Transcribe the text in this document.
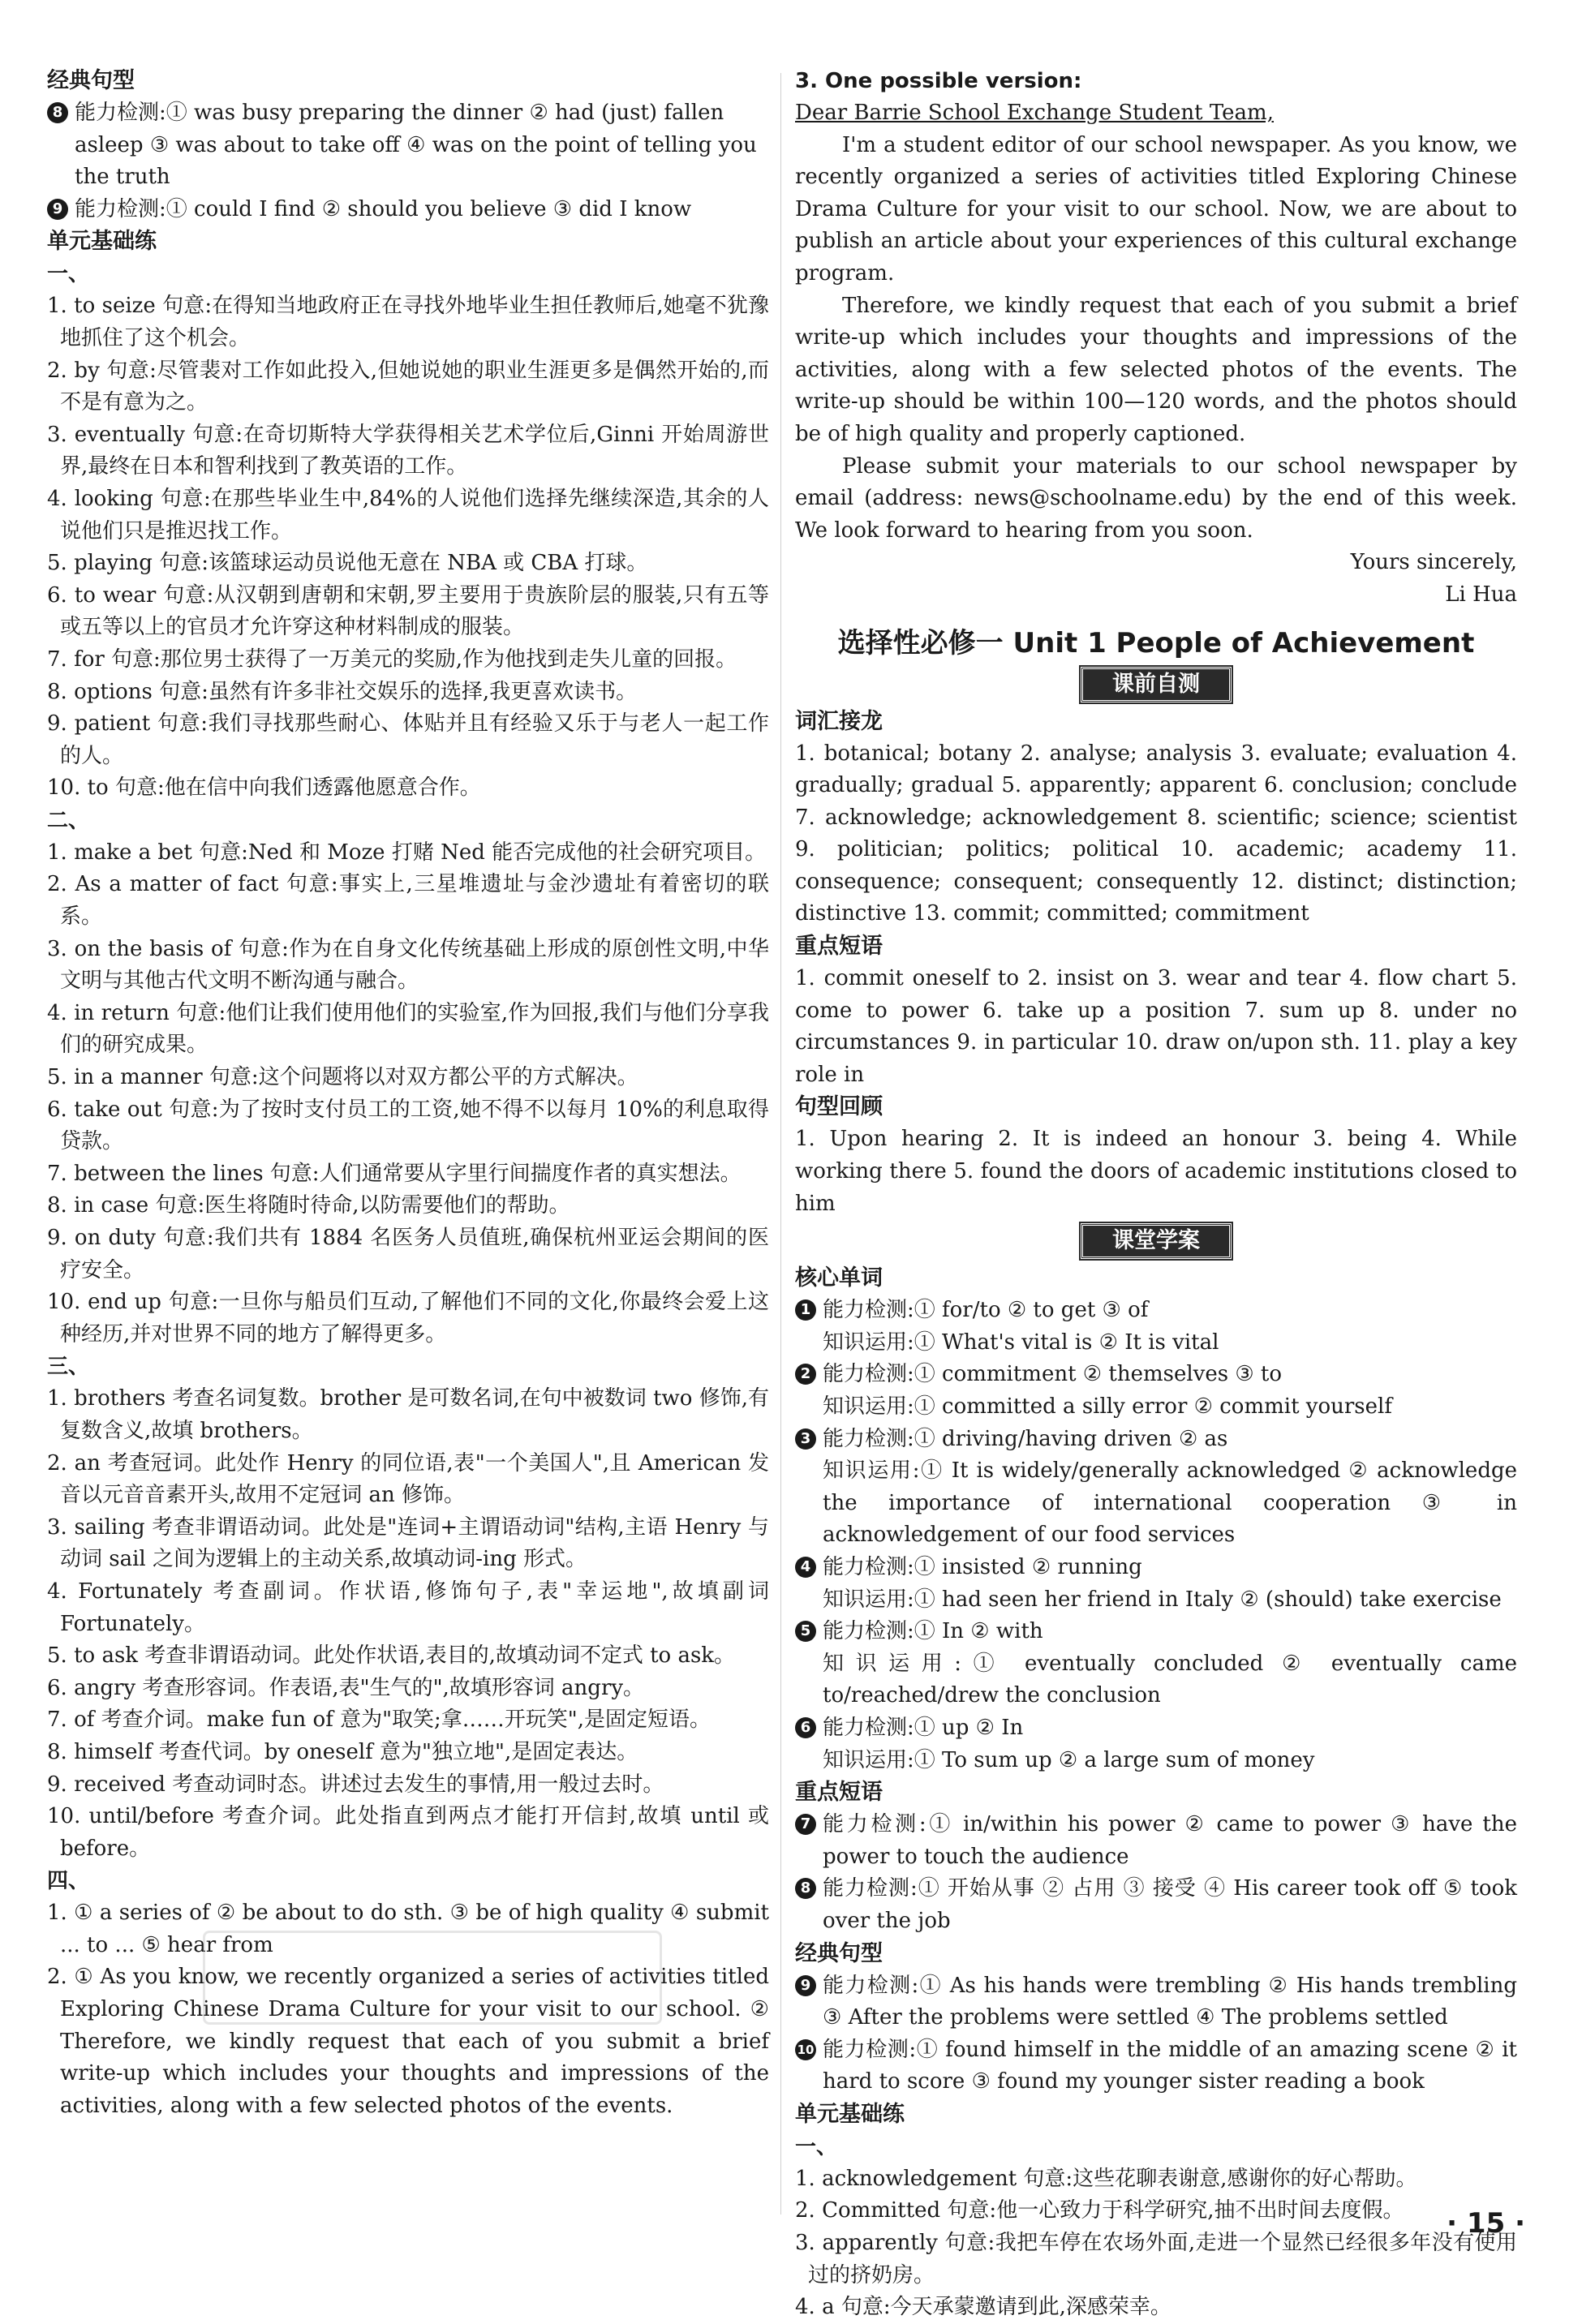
经典句型
8 能力检测:① was busy preparing the dinner ② had (just) fallen asleep ③ was about to take off ④ was on the point of telling you the truth
9 能力检测:① could I find ② should you believe ③ did I know
单元基础练
一、
1. to seize 句意:在得知当地政府正在寻找外地毕业生担任教师后,她毫不犹豫地抓住了这个机会。
2. by 句意:尽管裴对工作如此投入,但她说她的职业生涯更多是偶然开始的,而不是有意为之。
3. eventually 句意:在奇切斯特大学获得相关艺术学位后,Ginni 开始周游世界,最终在日本和智利找到了教英语的工作。
4. looking 句意:在那些毕业生中,84%的人说他们选择先继续深造,其余的人说他们只是推迟找工作。
5. playing 句意:该篮球运动员说他无意在 NBA 或 CBA 打球。
6. to wear 句意:从汉朝到唐朝和宋朝,罗主要用于贵族阶层的服装,只有五等或五等以上的官员才允许穿这种材料制成的服装。
7. for 句意:那位男士获得了一万美元的奖励,作为他找到走失儿童的回报。
8. options 句意:虽然有许多非社交娱乐的选择,我更喜欢读书。
9. patient 句意:我们寻找那些耐心、体贴并且有经验又乐于与老人一起工作的人。
10. to 句意:他在信中向我们透露他愿意合作。
二、
1. make a bet 句意:Ned 和 Moze 打赌 Ned 能否完成他的社会研究项目。
2. As a matter of fact 句意:事实上,三星堆遗址与金沙遗址有着密切的联系。
3. on the basis of 句意:作为在自身文化传统基础上形成的原创性文明,中华文明与其他古代文明不断沟通与融合。
4. in return 句意:他们让我们使用他们的实验室,作为回报,我们与他们分享我们的研究成果。
5. in a manner 句意:这个问题将以对双方都公平的方式解决。
6. take out 句意:为了按时支付员工的工资,她不得不以每月 10%的利息取得贷款。
7. between the lines 句意:人们通常要从字里行间揣度作者的真实想法。
8. in case 句意:医生将随时待命,以防需要他们的帮助。
9. on duty 句意:我们共有 1884 名医务人员值班,确保杭州亚运会期间的医疗安全。
10. end up 句意:一旦你与船员们互动,了解他们不同的文化,你最终会爱上这种经历,并对世界不同的地方了解得更多。
三、
1. brothers 考查名词复数。brother 是可数名词,在句中被数词 two 修饰,有复数含义,故填 brothers。
2. an 考查冠词。此处作 Henry 的同位语,表"一个美国人",且 American 发音以元音音素开头,故用不定冠词 an 修饰。
3. sailing 考查非谓语动词。此处是"连词+主谓语动词"结构,主语 Henry 与动词 sail 之间为逻辑上的主动关系,故填动词-ing 形式。
4. Fortunately 考查副词。作状语,修饰句子,表"幸运地",故填副词 Fortunately。
5. to ask 考查非谓语动词。此处作状语,表目的,故填动词不定式 to ask。
6. angry 考查形容词。作表语,表"生气的",故填形容词 angry。
7. of 考查介词。make fun of 意为"取笑;拿……开玩笑",是固定短语。
8. himself 考查代词。by oneself 意为"独立地",是固定表达。
9. received 考查动词时态。讲述过去发生的事情,用一般过去时。
10. until/before 考查介词。此处指直到两点才能打开信封,故填 until 或 before。
四、
1. ① a series of ② be about to do sth. ③ be of high quality ④ submit ... to ... ⑤ hear from
2. ① As you know, we recently organized a series of activities titled Exploring Chinese Drama Culture for your visit to our school. ② Therefore, we kindly request that each of you submit a brief write-up which includes your thoughts and impressions of the activities, along with a few selected photos of the events.
3. One possible version:
Dear Barrie School Exchange Student Team,
I'm a student editor of our school newspaper. As you know, we recently organized a series of activities titled Exploring Chinese Drama Culture for your visit to our school. Now, we are about to publish an article about your experiences of this cultural exchange program.
Therefore, we kindly request that each of you submit a brief write-up which includes your thoughts and impressions of the activities, along with a few selected photos of the events. The write-up should be within 100—120 words, and the photos should be of high quality and properly captioned.
Please submit your materials to our school newspaper by email (address: news@schoolname.edu) by the end of this week. We look forward to hearing from you soon.
Yours sincerely,
Li Hua
选择性必修一 Unit 1 People of Achievement
课前自测
词汇接龙
1. botanical; botany 2. analyse; analysis 3. evaluate; evaluation 4. gradually; gradual 5. apparently; apparent 6. conclusion; conclude 7. acknowledge; acknowledgement 8. scientific; science; scientist 9. politician; politics; political 10. academic; academy 11. consequence; consequent; consequently 12. distinct; distinction; distinctive 13. commit; committed; commitment
重点短语
1. commit oneself to 2. insist on 3. wear and tear 4. flow chart 5. come to power 6. take up a position 7. sum up 8. under no circumstances 9. in particular 10. draw on/upon sth. 11. play a key role in
句型回顾
1. Upon hearing 2. It is indeed an honour 3. being 4. While working there 5. found the doors of academic institutions closed to him
课堂学案
核心单词
1 能力检测:① for/to ② to get ③ of
知识运用:① What's vital is ② It is vital
2 能力检测:① commitment ② themselves ③ to
知识运用:① committed a silly error ② commit yourself
3 能力检测:① driving/having driven ② as
知识运用:① It is widely/generally acknowledged ② acknowledge the importance of international cooperation ③ in acknowledgement of our food services
4 能力检测:① insisted ② running
知识运用:① had seen her friend in Italy ② (should) take exercise
5 能力检测:① In ② with
知识运用:① eventually concluded ② eventually came to/reached/drew the conclusion
6 能力检测:① up ② In
知识运用:① To sum up ② a large sum of money
重点短语
7 能力检测:① in/within his power ② came to power ③ have the power to touch the audience
8 能力检测:① 开始从事 ② 占用 ③ 接受 ④ His career took off ⑤ took over the job
经典句型
9 能力检测:① As his hands were trembling ② His hands trembling ③ After the problems were settled ④ The problems settled
10 能力检测:① found himself in the middle of an amazing scene ② it hard to score ③ found my younger sister reading a book
单元基础练
一、
1. acknowledgement 句意:这些花聊表谢意,感谢你的好心帮助。
2. Committed 句意:他一心致力于科学研究,抽不出时间去度假。
3. apparently 句意:我把车停在农场外面,走进一个显然已经很多年没有使用过的挤奶房。
4. a 句意:今天承蒙邀请到此,深感荣幸。
· 15 ·
